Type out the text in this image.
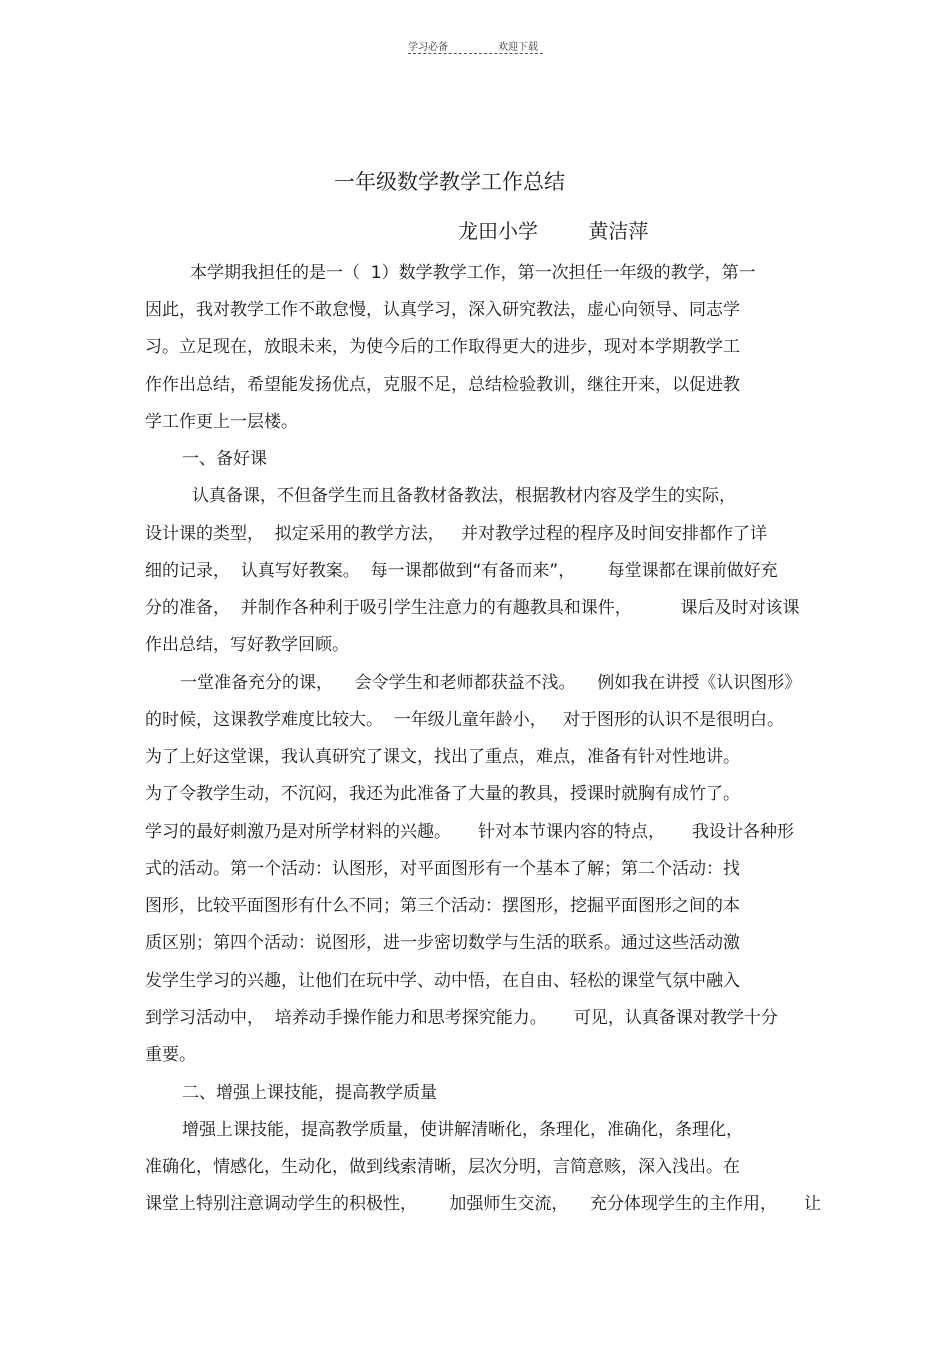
学习必备	欢迎下载
一年级数学教学工作总结
龙田小学	黄洁萍
本学期我担任的是一（  1）数学教学工作，第一次担任一年级的教学，第一
因此，我对教学工作不敢怠慢，认真学习，深入研究教法，虚心向领导、同志学
习。立足现在，放眼未来，为使今后的工作取得更大的进步，现对本学期教学工
作作出总结，希望能发扬优点，克服不足，总结检验教训，继往开来，以促进教
学工作更上一层楼。
一、备好课
认真备课，不但备学生而且备教材备教法，根据教材内容及学生的实际，
设计课的类型，  拟定采用的教学方法，   并对教学过程的程序及时间安排都作了详
细的记录，  认真写好教案。  每一课都做到“有备而来”，      每堂课都在课前做好充
分的准备，  并制作各种利于吸引学生注意力的有趣教具和课件，         课后及时对该课
作出总结，写好教学回顾。
一堂准备充分的课，    会令学生和老师都获益不浅。    例如我在讲授《认识图形》
的时候，这课教学难度比较大。  一年级儿童年龄小，   对于图形的认识不是很明白。
为了上好这堂课，我认真研究了课文，找出了重点，难点，准备有针对性地讲。
为了令教学生动，不沉闷，我还为此准备了大量的教具，授课时就胸有成竹了。
学习的最好刺激乃是对所学材料的兴趣。     针对本节课内容的特点，     我设计各种形
式的活动。第一个活动：认图形，对平面图形有一个基本了解；第二个活动：找
图形，比较平面图形有什么不同；第三个活动：摆图形，挖掘平面图形之间的本
质区别；第四个活动：说图形，进一步密切数学与生活的联系。通过这些活动激
发学生学习的兴趣，让他们在玩中学、动中悟，在自由、轻松的课堂气氛中融入
到学习活动中，  培养动手操作能力和思考探究能力。     可见，认真备课对教学十分
重要。
二、增强上课技能，提高教学质量
增强上课技能，提高教学质量，使讲解清晰化，条理化，准确化，条理化，
准确化，情感化，生动化，做到线索清晰，层次分明，言简意赅，深入浅出。在
课堂上特别注意调动学生的积极性，      加强师生交流，    充分体现学生的主作用，     让
